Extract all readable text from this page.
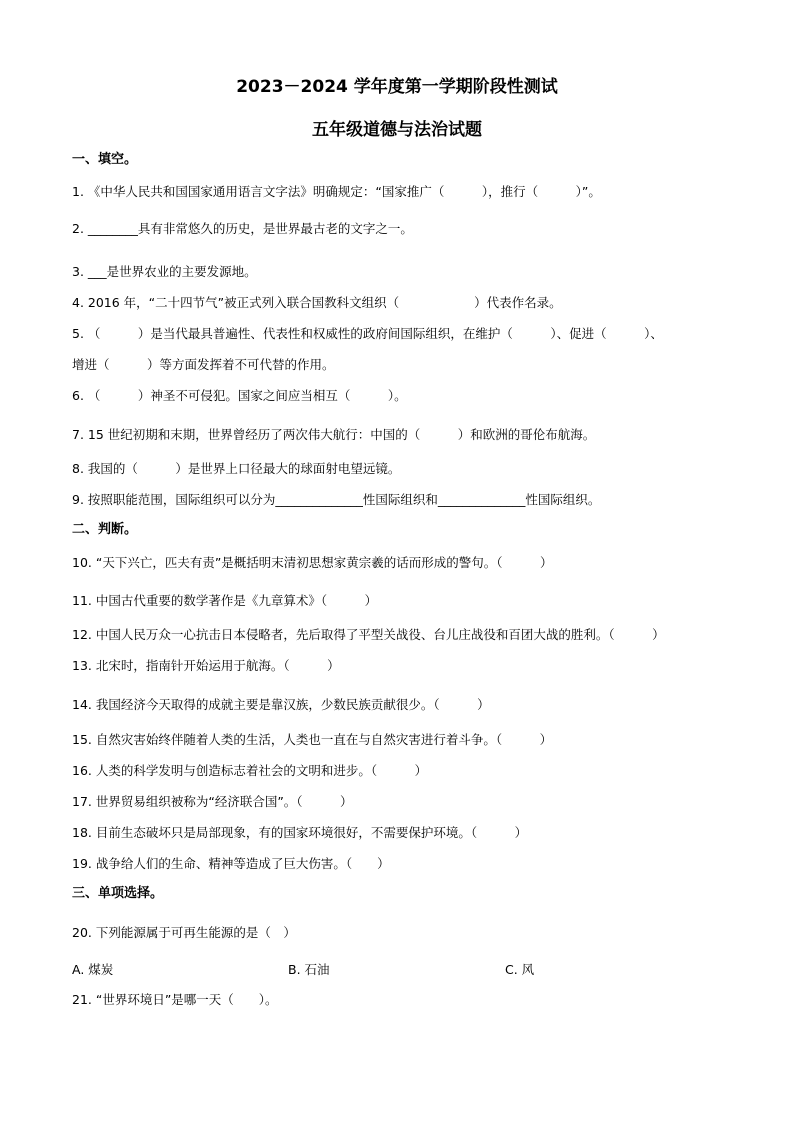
2023－2024 学年度第一学期阶段性测试
五年级道德与法治试题
一、填空。
1. 《中华人民共和国国家通用语言文字法》明确规定：“国家推广（　　　），推行（　　　）”。
2. ________具有非常悠久的历史，是世界最古老的文字之一。
3. ___是世界农业的主要发源地。
4. 2016 年，“二十四节气”被正式列入联合国教科文组织（　　　　　　）代表作名录。
5. （　　　）是当代最具普遍性、代表性和权威性的政府间国际组织，在维护（　　　）、促进（　　　）、
增进（　　　）等方面发挥着不可代替的作用。
6. （　　　）神圣不可侵犯。国家之间应当相互（　　　）。
7. 15 世纪初期和末期，世界曾经历了两次伟大航行：中国的（　　　）和欧洲的哥伦布航海。
8. 我国的（　　　）是世界上口径最大的球面射电望远镜。
9. 按照职能范围，国际组织可以分为______________性国际组织和______________性国际组织。
二、判断。
10. “天下兴亡，匹夫有责”是概括明末清初思想家黄宗羲的话而形成的警句。（　　　）
11. 中国古代重要的数学著作是《九章算术》（　　　）
12. 中国人民万众一心抗击日本侵略者，先后取得了平型关战役、台儿庄战役和百团大战的胜利。（　　　）
13. 北宋时，指南针开始运用于航海。（　　　）
14. 我国经济今天取得的成就主要是靠汉族，少数民族贡献很少。（　　　）
15. 自然灾害始终伴随着人类的生活，人类也一直在与自然灾害进行着斗争。（　　　）
16. 人类的科学发明与创造标志着社会的文明和进步。（　　　）
17. 世界贸易组织被称为“经济联合国”。（　　　）
18. 目前生态破坏只是局部现象，有的国家环境很好，不需要保护环境。（　　　）
19. 战争给人们的生命、精神等造成了巨大伤害。（　　）
三、单项选择。
20. 下列能源属于可再生能源的是（　）
A. 煤炭	B. 石油	C. 风
21. “世界环境日”是哪一天（　　）。
